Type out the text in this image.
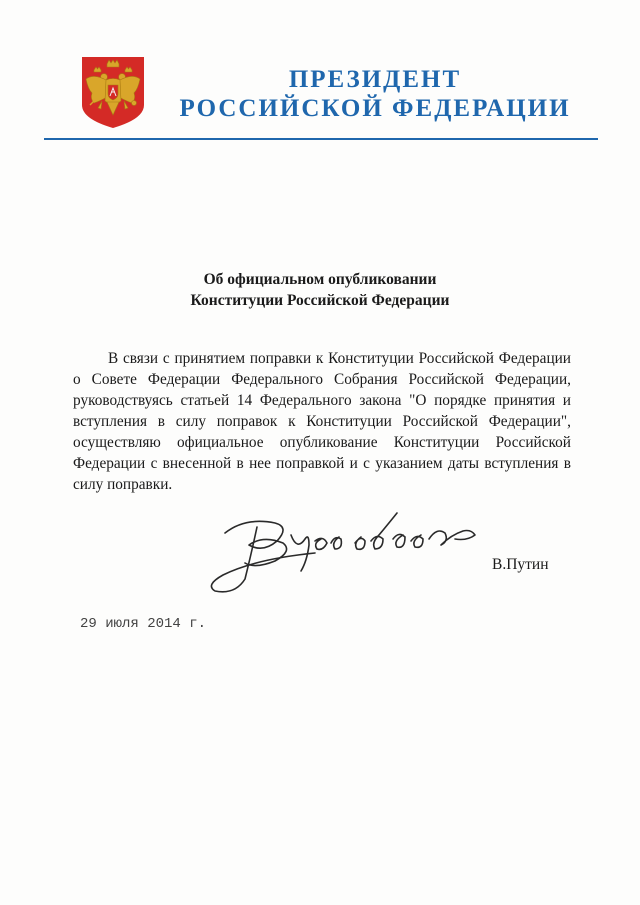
ПРЕЗИДЕНТ
РОССИЙСКОЙ ФЕДЕРАЦИИ
Об официальном опубликовании
Конституции Российской Федерации
В связи с принятием поправки к Конституции Российской Федерации о Совете Федерации Федерального Собрания Российской Федерации, руководствуясь статьей 14 Федерального закона "О порядке принятия и вступления в силу поправок к Конституции Российской Федерации", осуществляю официальное опубликование Конституции Российской Федерации с внесенной в нее поправкой и с указанием даты вступления в силу поправки.
В.Путин
29 июля 2014 г.
